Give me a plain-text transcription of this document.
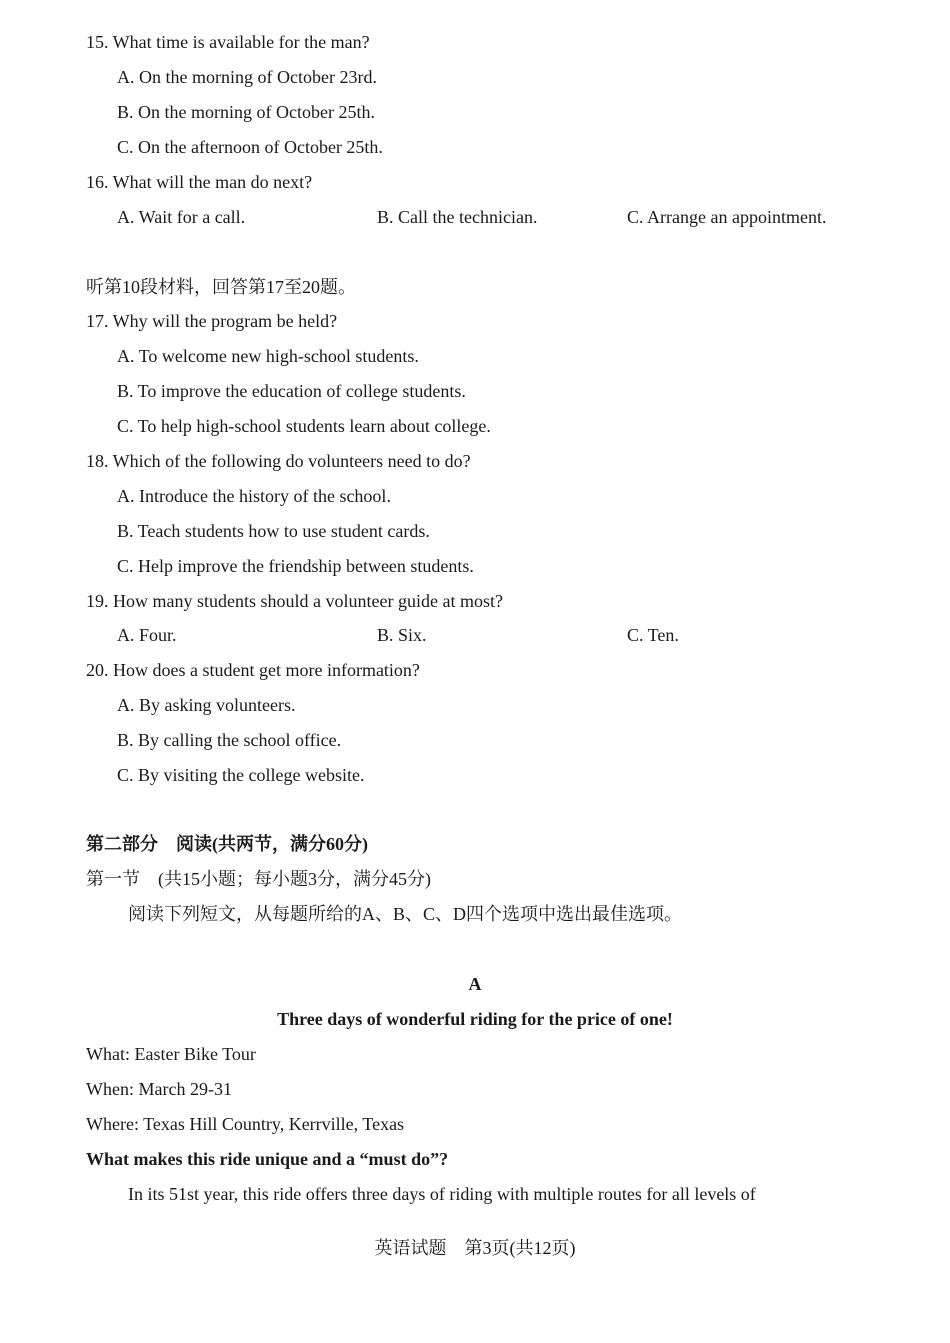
15. What time is available for the man?
A. On the morning of October 23rd.
B. On the morning of October 25th.
C. On the afternoon of October 25th.
16. What will the man do next?
A. Wait for a call.	B. Call the technician.	C. Arrange an appointment.
听第10段材料，回答第17至20题。
17. Why will the program be held?
A. To welcome new high-school students.
B. To improve the education of college students.
C. To help high-school students learn about college.
18. Which of the following do volunteers need to do?
A. Introduce the history of the school.
B. Teach students how to use student cards.
C. Help improve the friendship between students.
19. How many students should a volunteer guide at most?
A. Four.	B. Six.	C. Ten.
20. How does a student get more information?
A. By asking volunteers.
B. By calling the school office.
C. By visiting the college website.
第二部分　阅读(共两节，满分60分)
第一节　(共15小题；每小题3分，满分45分)
阅读下列短文，从每题所给的A、B、C、D四个选项中选出最佳选项。
A
Three days of wonderful riding for the price of one!
What: Easter Bike Tour
When: March 29-31
Where: Texas Hill Country, Kerrville, Texas
What makes this ride unique and a “must do”?
In its 51st year, this ride offers three days of riding with multiple routes for all levels of
英语试题　第3页(共12页)
